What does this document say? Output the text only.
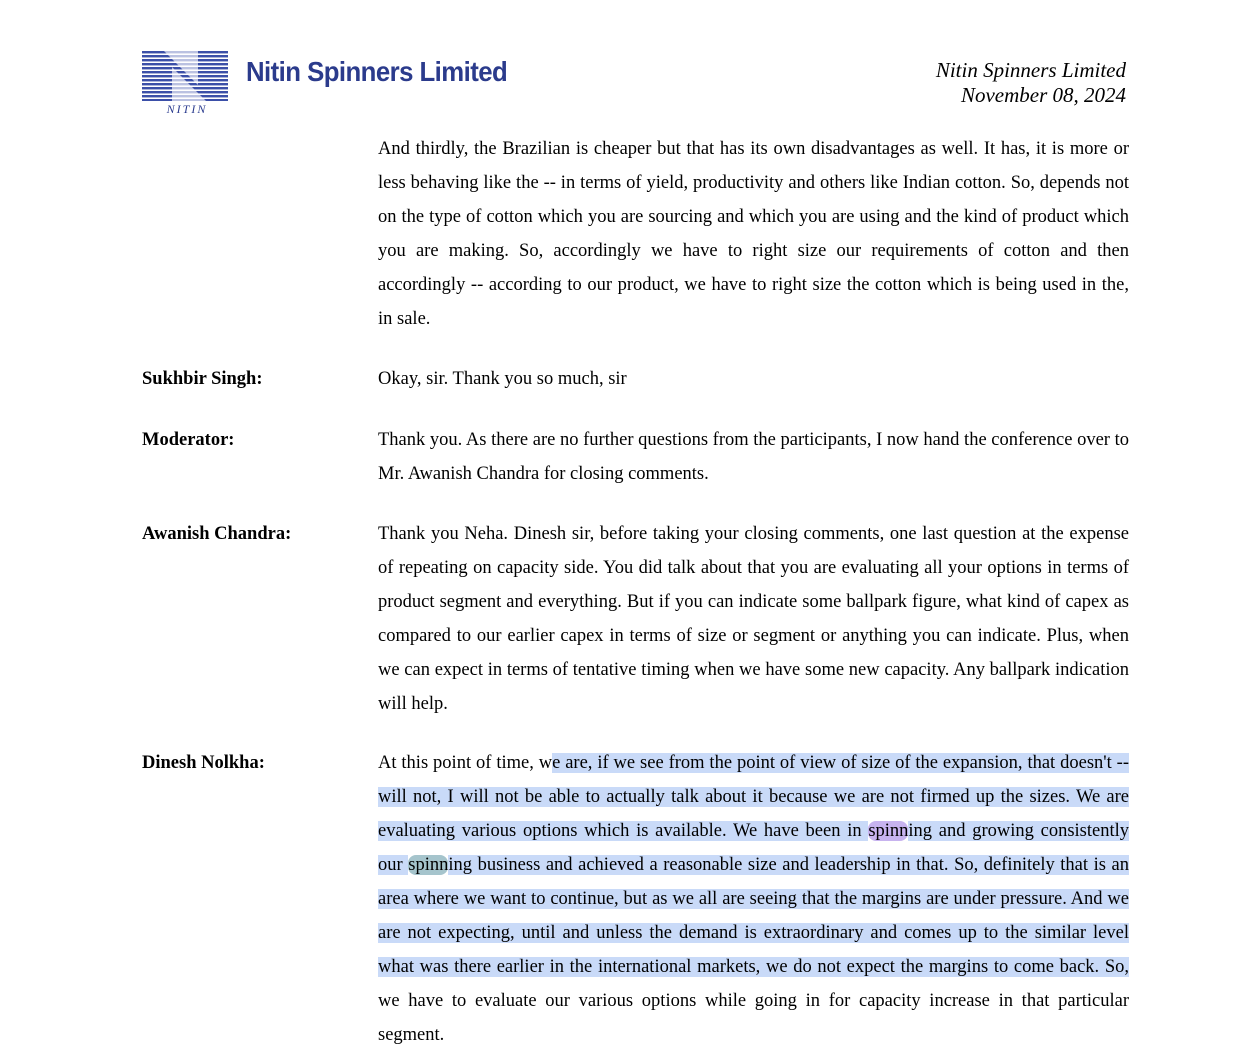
NITIN
Nitin Spinners Limited	Nitin Spinners Limited
November 08, 2024

And thirdly, the Brazilian is cheaper but that has its own disadvantages as well. It has, it is more or less behaving like the -- in terms of yield, productivity and others like Indian cotton. So, depends not on the type of cotton which you are sourcing and which you are using and the kind of product which you are making. So, accordingly we have to right size our requirements of cotton and then accordingly -- according to our product, we have to right size the cotton which is being used in the, in sale.

Sukhbir Singh:	Okay, sir. Thank you so much, sir

Moderator:	Thank you. As there are no further questions from the participants, I now hand the conference over to Mr. Awanish Chandra for closing comments.

Awanish Chandra:	Thank you Neha. Dinesh sir, before taking your closing comments, one last question at the expense of repeating on capacity side. You did talk about that you are evaluating all your options in terms of product segment and everything. But if you can indicate some ballpark figure, what kind of capex as compared to our earlier capex in terms of size or segment or anything you can indicate. Plus, when we can expect in terms of tentative timing when we have some new capacity. Any ballpark indication will help.

Dinesh Nolkha:	At this point of time, we are, if we see from the point of view of size of the expansion, that doesn't -- will not, I will not be able to actually talk about it because we are not firmed up the sizes. We are evaluating various options which is available. We have been in spinning and growing consistently our spinning business and achieved a reasonable size and leadership in that. So, definitely that is an area where we want to continue, but as we all are seeing that the margins are under pressure. And we are not expecting, until and unless the demand is extraordinary and comes up to the similar level what was there earlier in the international markets, we do not expect the margins to come back. So, we have to evaluate our various options while going in for capacity increase in that particular segment.
